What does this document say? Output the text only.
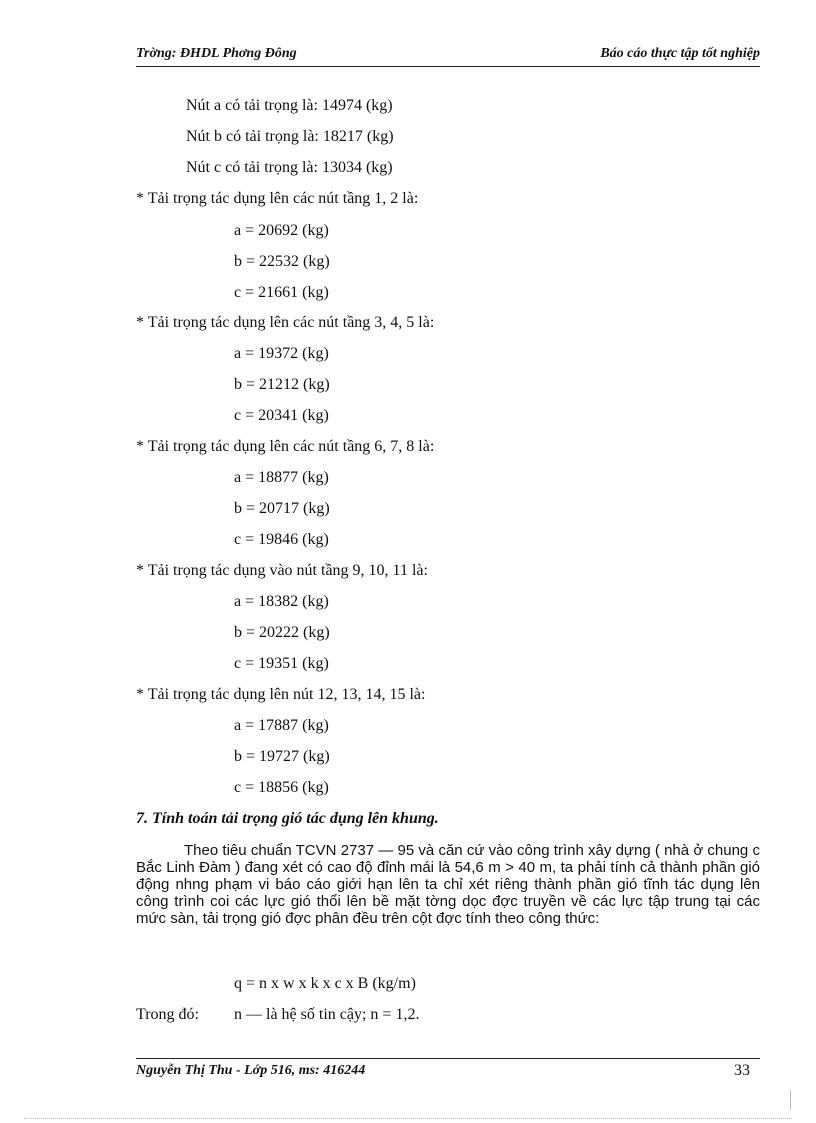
Trờng: ĐHDL Phơng Đông	Báo cáo thực tập tốt nghiệp
Nút a có tải trọng là: 14974 (kg)
Nút b có tải trọng là: 18217 (kg)
Nút c có tải trọng là: 13034 (kg)
* Tải trọng tác dụng lên các nút tầng 1, 2 là:
a = 20692 (kg)
b = 22532 (kg)
c = 21661 (kg)
* Tải trọng tác dụng lên các nút tầng 3, 4, 5 là:
a = 19372 (kg)
b = 21212 (kg)
c = 20341 (kg)
* Tải trọng tác dụng lên các nút tầng 6, 7, 8 là:
a = 18877 (kg)
b = 20717 (kg)
c = 19846 (kg)
* Tải trọng tác dụng vào nút tầng 9, 10, 11 là:
a = 18382 (kg)
b = 20222 (kg)
c = 19351 (kg)
* Tải trọng tác dụng lên nút 12, 13, 14, 15 là:
a = 17887 (kg)
b = 19727 (kg)
c = 18856 (kg)
7. Tính toán tải trọng gió tác dụng lên khung.
Theo tiêu chuẩn TCVN 2737 — 95 và căn cứ vào công trình xây dựng ( nhà ở chung c Bắc Linh Đàm ) đang xét có cao độ đỉnh mái là 54,6 m > 40 m, ta phải tính cả thành phần gió động nhng phạm vi báo cáo giới hạn lên ta chỉ xét riêng thành phần gió tĩnh tác dụng lên công trình coi các lực gió thổi lên bề mặt tờng dọc đợc truyền về các lực tập trung tại các mức sàn, tải trọng gió đợc phân đều trên cột đợc tính theo công thức:
q = n x w x k x c x B (kg/m)
Trong đó: n — là hệ số tin cậy; n = 1,2.
Nguyễn Thị Thu - Lớp 516, ms: 416244	33
